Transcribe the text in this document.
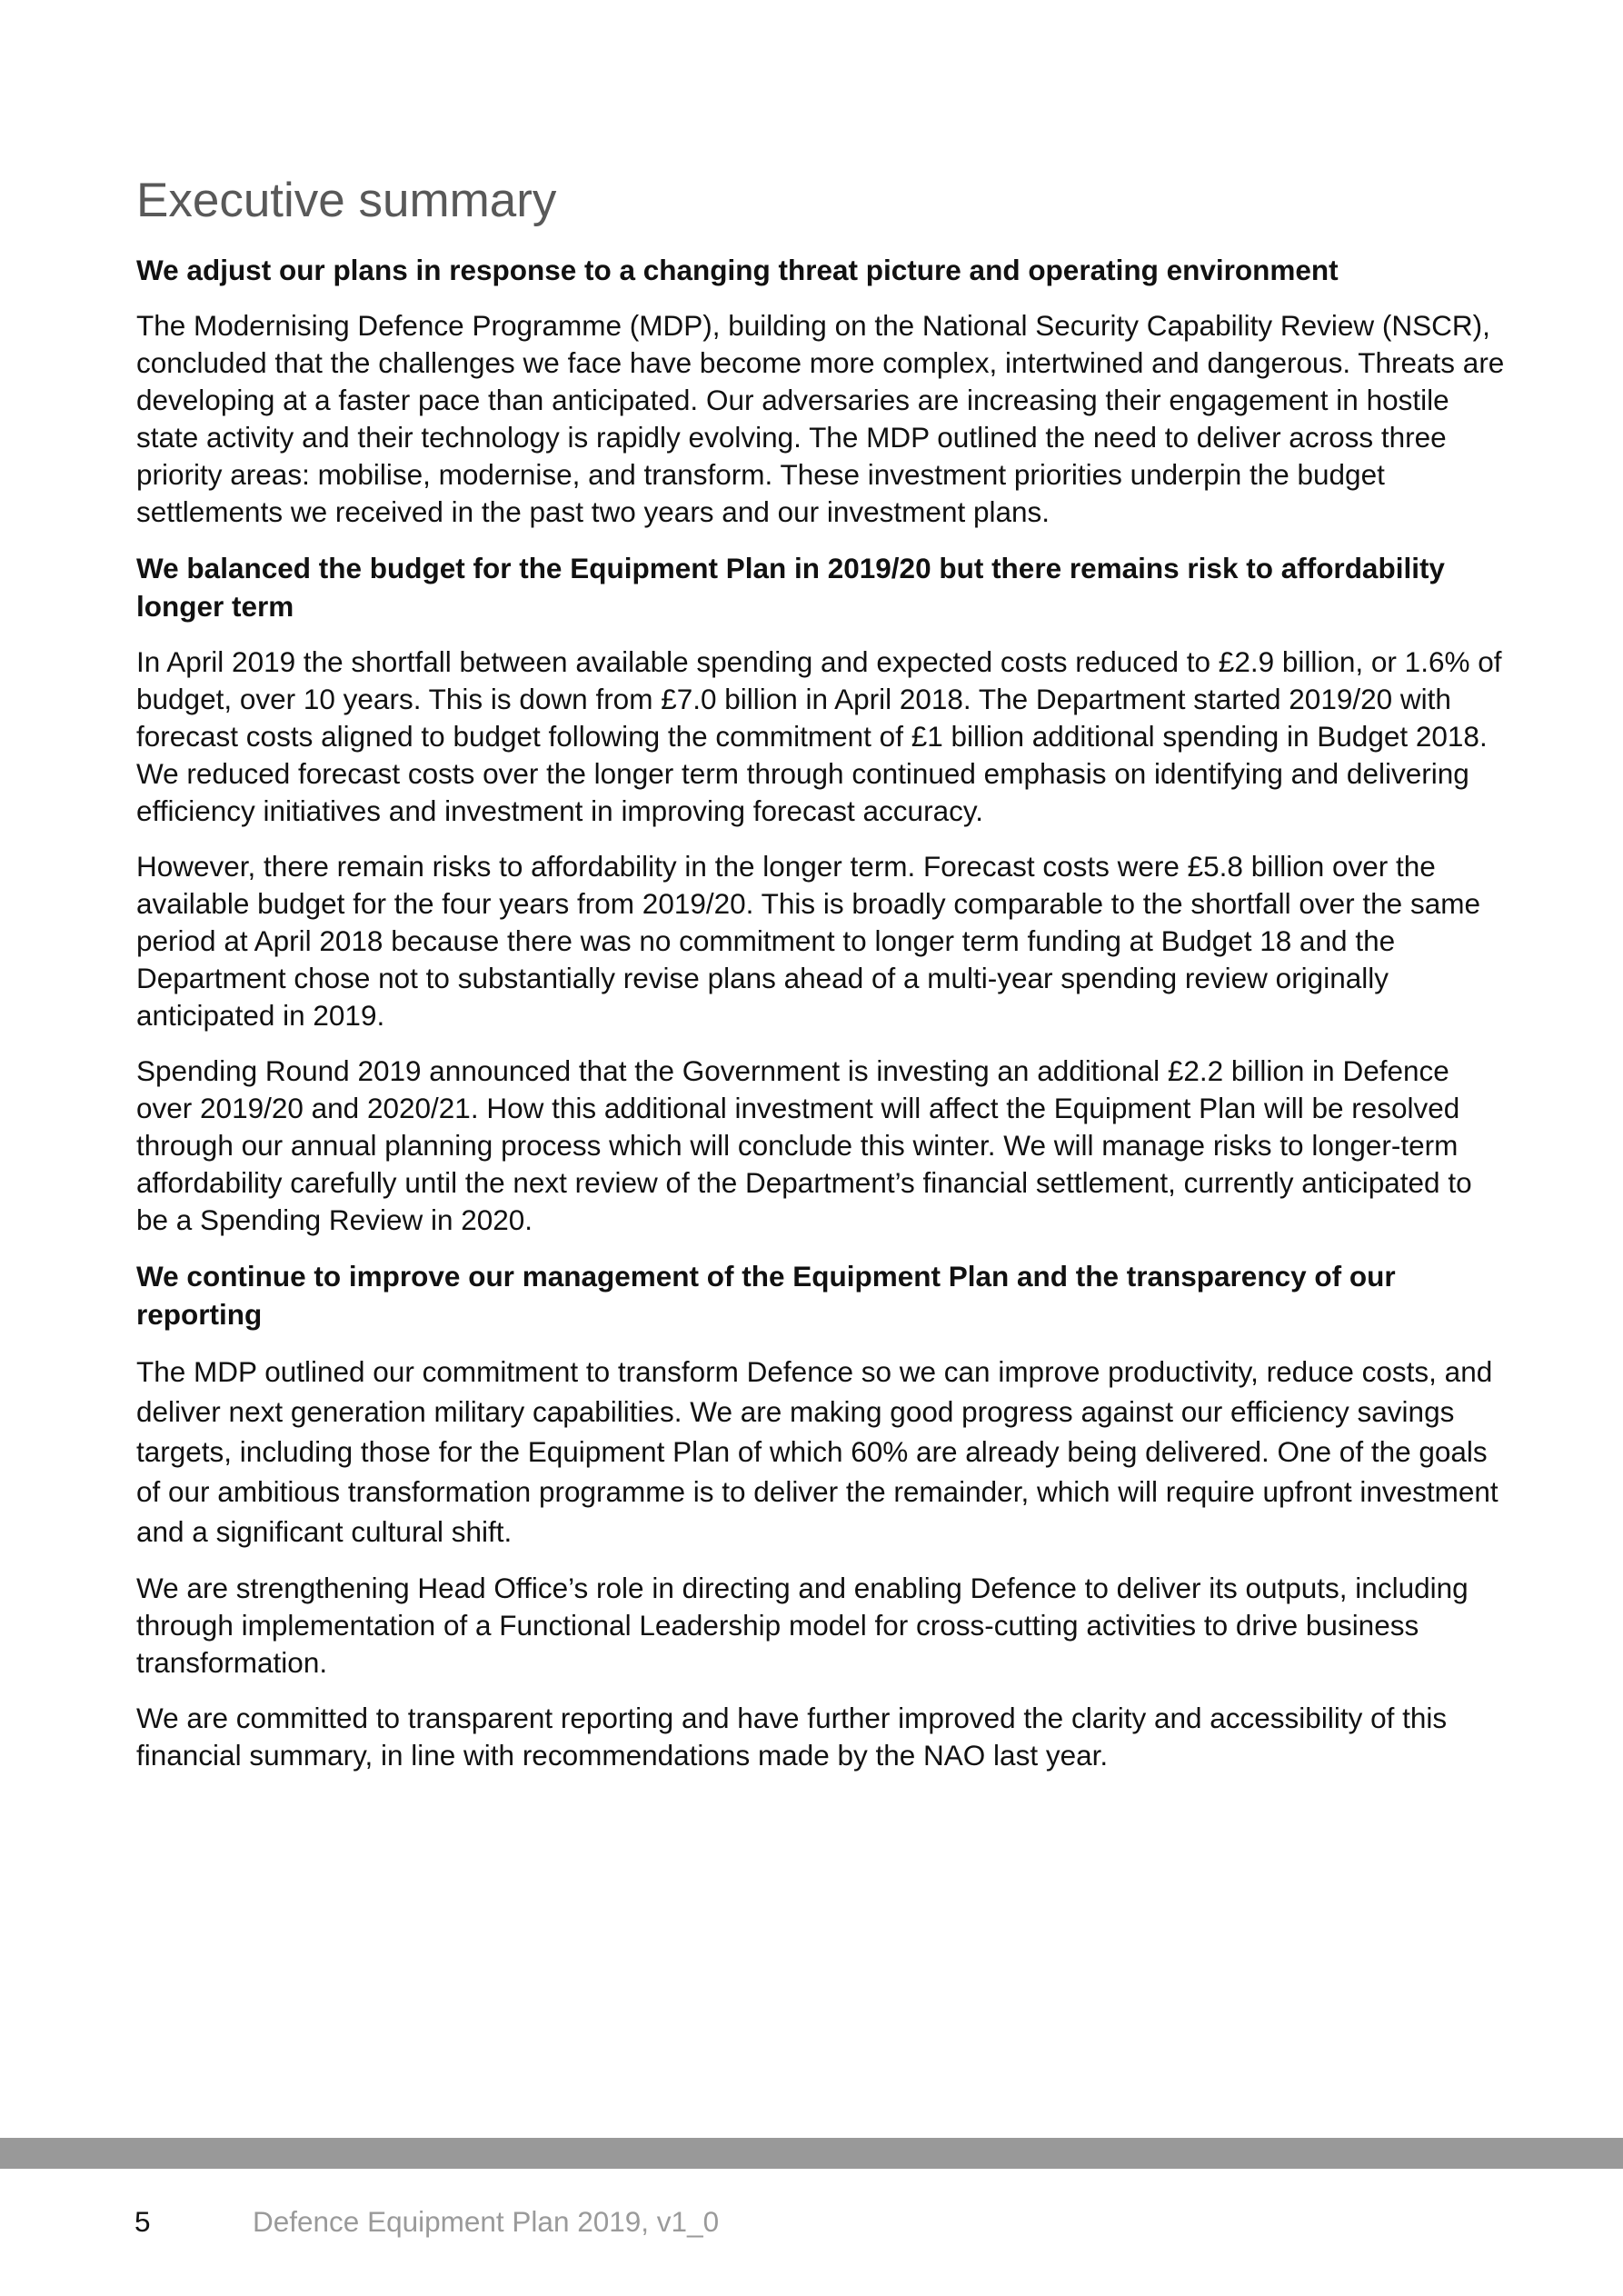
Executive summary
We adjust our plans in response to a changing threat picture and operating environment

The Modernising Defence Programme (MDP), building on the National Security Capability Review (NSCR), concluded that the challenges we face have become more complex, intertwined and dangerous. Threats are developing at a faster pace than anticipated. Our adversaries are increasing their engagement in hostile state activity and their technology is rapidly evolving. The MDP outlined the need to deliver across three priority areas: mobilise, modernise, and transform. These investment priorities underpin the budget settlements we received in the past two years and our investment plans.

We balanced the budget for the Equipment Plan in 2019/20 but there remains risk to affordability longer term

In April 2019 the shortfall between available spending and expected costs reduced to £2.9 billion, or 1.6% of budget, over 10 years. This is down from £7.0 billion in April 2018. The Department started 2019/20 with forecast costs aligned to budget following the commitment of £1 billion additional spending in Budget 2018. We reduced forecast costs over the longer term through continued emphasis on identifying and delivering efficiency initiatives and investment in improving forecast accuracy.

However, there remain risks to affordability in the longer term. Forecast costs were £5.8 billion over the available budget for the four years from 2019/20. This is broadly comparable to the shortfall over the same period at April 2018 because there was no commitment to longer term funding at Budget 18 and the Department chose not to substantially revise plans ahead of a multi-year spending review originally anticipated in 2019.

Spending Round 2019 announced that the Government is investing an additional £2.2 billion in Defence over 2019/20 and 2020/21. How this additional investment will affect the Equipment Plan will be resolved through our annual planning process which will conclude this winter. We will manage risks to longer-term affordability carefully until the next review of the Department’s financial settlement, currently anticipated to be a Spending Review in 2020.

We continue to improve our management of the Equipment Plan and the transparency of our reporting

The MDP outlined our commitment to transform Defence so we can improve productivity, reduce costs, and deliver next generation military capabilities. We are making good progress against our efficiency savings targets, including those for the Equipment Plan of which 60% are already being delivered. One of the goals of our ambitious transformation programme is to deliver the remainder, which will require upfront investment and a significant cultural shift.

We are strengthening Head Office’s role in directing and enabling Defence to deliver its outputs, including through implementation of a Functional Leadership model for cross-cutting activities to drive business transformation.

We are committed to transparent reporting and have further improved the clarity and accessibility of this financial summary, in line with recommendations made by the NAO last year.

5	Defence Equipment Plan 2019, v1_0
